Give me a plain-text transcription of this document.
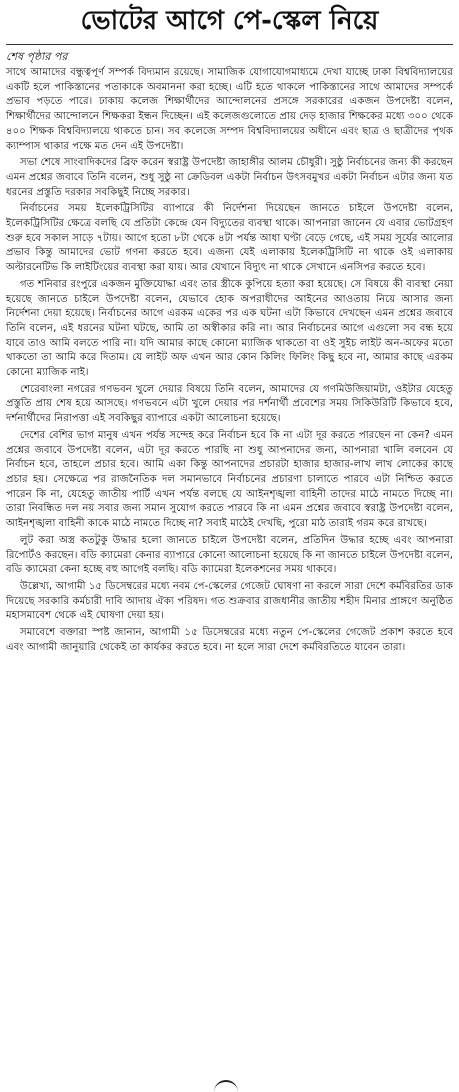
ভোটের আগে পে-স্কেল নিয়ে
শেষ পৃষ্ঠার পর

সাথে আমাদের বন্ধুত্বপূর্ণ সম্পর্ক বিদ্যমান রয়েছে। সামাজিক যোগাযোগমাধ্যমে দেখা যাচ্ছে ঢাকা বিশ্ববিদ্যালয়ের একটি হলে পাকিস্তানের পতাকাকে অবমাননা করা হচ্ছে। এটি হতে থাকলে পাকিস্তানের সাথে আমাদের সম্পর্কে প্রভাব পড়তে পারে। ঢাকায় কলেজ শিক্ষার্থীদের আন্দোলনের প্রসঙ্গে সরকারের একজন উপদেষ্টা বলেন, শিক্ষার্থীদের আন্দোলনে শিক্ষকরা ইন্ধন দিচ্ছেন। এই কলেজগুলোতে প্রায় দেড় হাজার শিক্ষকের মধ্যে ৩০০ থেকে ৪০০ শিক্ষক বিশ্ববিদ্যালয়ে থাকতে চান। সব কলেজে সম্পদ বিশ্ববিদ্যালয়ের অধীনে এবং ছাত্র ও ছাত্রীদের পৃথক ক্যাম্পাস থাকার পক্ষে মত দেন এই উপদেষ্টা।

সভা শেষে সাংবাদিকদের ব্রিফ করেন স্বরাষ্ট্র উপদেষ্টা জাহাঙ্গীর আলম চৌধুরী। সুষ্ঠু নির্বাচনের জন্য কী করছেন এমন প্রশ্নের জবাবে তিনি বলেন, শুধু সুষ্ঠু না ক্রেডিবল একটা নির্বাচন উৎসবমুখর একটা নির্বাচন এটার জন্য যত ধরনের প্রস্তুতি দরকার সবকিছুই নিচ্ছে সরকার।

নির্বাচনের সময় ইলেকট্রিসিটির ব্যাপারে কী নির্দেশনা দিয়েছেন জানতে চাইলে উপদেষ্টা বলেন, ইলেকট্রিসিটির ক্ষেত্রে বলছি যে প্রতিটা কেন্দ্রে যেন বিদ্যুতের ব্যবস্থা থাকে। আপনারা জানেন যে এবার ভোটগ্রহণ শুরু হবে সকাল সাড়ে ৭টায়। আগে হতো ৮টা থেকে ৪টা পর্যন্ত আধা ঘণ্টা বেড়ে গেছে, এই সময় সূর্যের আলোর প্রভাব কিন্তু আমাদের ভোট গণনা করতে হবে। এজন্য যেই এলাকায় ইলেকট্রিসিটি না থাকে ওই এলাকায় অল্টারনেটিভ কি লাইটিংয়ের ব্যবস্থা করা যায়। আর যেখানে বিদ্যুৎ না থাকে সেখানে এনসিপর করতে হবে।

গত শনিবার রংপুরে একজন মুক্তিযোদ্ধা এবং তার স্ত্রীকে কুপিয়ে হত্যা করা হয়েছে। সে বিষয়ে কী ব্যবস্থা নেয়া হয়েছে জানতে চাইলে উপদেষ্টা বলেন, যেভাবে হোক অপরাধীদের আইনের আওতায় নিয়ে আসার জন্য নির্দেশনা দেয়া হয়েছে। নির্বাচনের আগে এরকম একের পর এক ঘটনা এটা কিভাবে দেখছেন এমন প্রশ্নের জবাবে তিনি বলেন, এই ধরনের ঘটনা ঘটছে, আমি তা অস্বীকার করি না। আর নির্বাচনের আগে এগুলো সব বন্ধ হয়ে যাবে তাও আমি বলতে পারি না। যদি আমার কাছে কোনো ম্যাজিক থাকতো বা ওই সুইচ লাইট অন-অফের মতো থাকতো তা আমি করে দিতাম। যে লাইট অফ এখন আর কোন কিলিং ফিলিং কিছু হবে না, আমার কাছে এরকম কোনো ম্যাজিক নাই।

শেরেবাংলা নগরের গণভবন খুলে দেয়ার বিষয়ে তিনি বলেন, আমাদের যে গণমিউজিয়ামটা, ওইটার যেহেতু প্রস্তুতি প্রায় শেষ হয়ে আসছে। গণভবনে এটা খুলে দেয়ার পর দর্শনার্থী প্রবেশের সময় সিকিউরিটি কিভাবে হবে, দর্শনার্থীদের নিরাপত্তা এই সবকিছুর ব্যাপারে একটা আলোচনা হয়েছে।

দেশের বেশির ভাগ মানুষ এখন পর্যন্ত সন্দেহ করে নির্বাচন হবে কি না এটা দূর করতে পারছেন না কেন? এমন প্রশ্নের জবাবে উপদেষ্টা বলেন, এটা দূর করতে পারছি না শুধু আপনাদের জন্য, আপনারা খালি বলবেন যে নির্বাচন হবে, তাহলে প্রচার হবে। আমি একা কিন্তু আপনাদের প্রচারটা হাজার হাজার-লাখ লাখ লোকের কাছে প্রচার হয়। সেক্ষেত্রে পর রাজনৈতিক দল সমানভাবে নির্বাচনের প্রচারণা চালাতে পারবে এটা নিশ্চিত করতে পারেন কি না, যেহেতু জাতীয় পার্টি এখন পর্যন্ত বলছে যে আইনশৃঙ্খলা বাহিনী তাদের মাঠে নামতে দিচ্ছে না। তারা নিবন্ধিত দল নয় সবার জন্য সমান সুযোগ করতে পারবে কি না এমন প্রশ্নের জবাবে স্বরাষ্ট্র উপদেষ্টা বলেন, আইনশৃঙ্খলা বাহিনী কাকে মাঠে নামতে দিচ্ছে না? সবাই মাঠেই দেখছি, পুরো মাঠ তারাই গরম করে রাখছে।

লুট করা অস্ত্র কতটুকু উদ্ধার হলো জানতে চাইলে উপদেষ্টা বলেন, প্রতিদিন উদ্ধার হচ্ছে এবং আপনারা রিপোর্টও করছেন। বডি ক্যামেরা কেনার ব্যাপারে কোনো আলোচনা হয়েছে কি না জানতে চাইলে উপদেষ্টা বলেন, বডি ক্যামেরা কেনা হচ্ছে বহু আগেই বলছি। বডি ক্যামেরা ইলেকশনের সময় থাকবে।

উল্লেখ্য, আগামী ১৫ ডিসেম্বরের মধ্যে নবম পে-স্কেলের গেজেট ঘোষণা না করলে সারা দেশে কর্মবিরতির ডাক দিয়েছে সরকারি কর্মচারী দাবি আদায় ঐক্য পরিষদ। গত শুক্রবার রাজধানীর জাতীয় শহীদ মিনার প্রাঙ্গণে অনুষ্ঠিত মহাসমাবেশ থেকে এই ঘোষণা দেয়া হয়।

সমাবেশে বক্তারা স্পষ্ট জানান, আগামী ১৫ ডিসেম্বরের মধ্যে নতুন পে-স্কেলের গেজেট প্রকাশ করতে হবে এবং আগামী জানুয়ারি থেকেই তা কার্যকর করতে হবে। না হলে সারা দেশে কর্মবিরতিতে যাবেন তারা।
